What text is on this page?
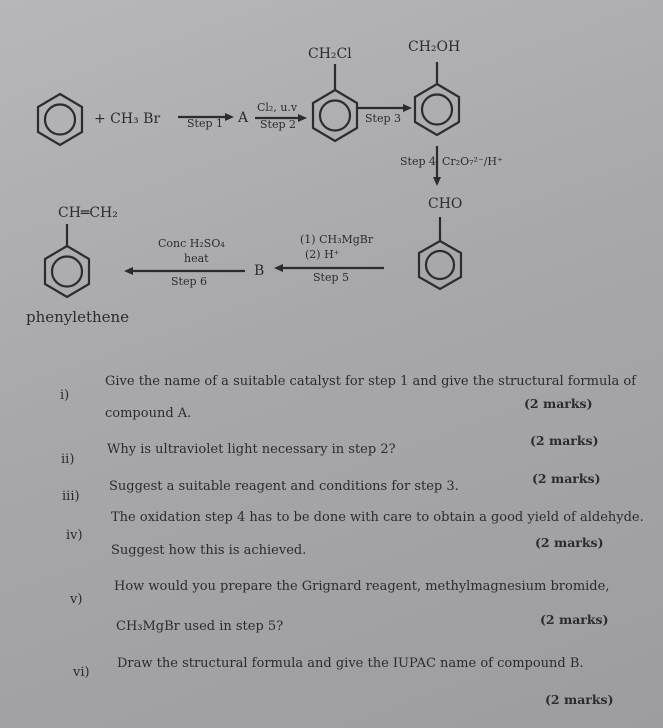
+ CH₃ Br Step 1 A
Cl₂, u.v
Step 2
CH₂Cl
Step 3
CH₂OH
Step 4 Cr₂O₇²⁻/H⁺
CHO
(1) CH₃MgBr
(2) H⁺
Step 5
B
Conc H₂SO₄
heat
Step 6
CH═CH₂
phenylethene
i)
Give the name of a suitable catalyst for step 1 and give the structural formula of
compound A.
(2 marks)
ii)
Why is ultraviolet light necessary in step 2?
(2 marks)
iii)
Suggest a suitable reagent and conditions for step 3.
(2 marks)
iv)
The oxidation step 4 has to be done with care to obtain a good yield of aldehyde.
Suggest how this is achieved.
(2 marks)
v)
How would you prepare the Grignard reagent, methylmagnesium bromide,
CH₃MgBr used in step 5?	(2 marks)
vi)
Draw the structural formula and give the IUPAC name of compound B.
(2 marks)
